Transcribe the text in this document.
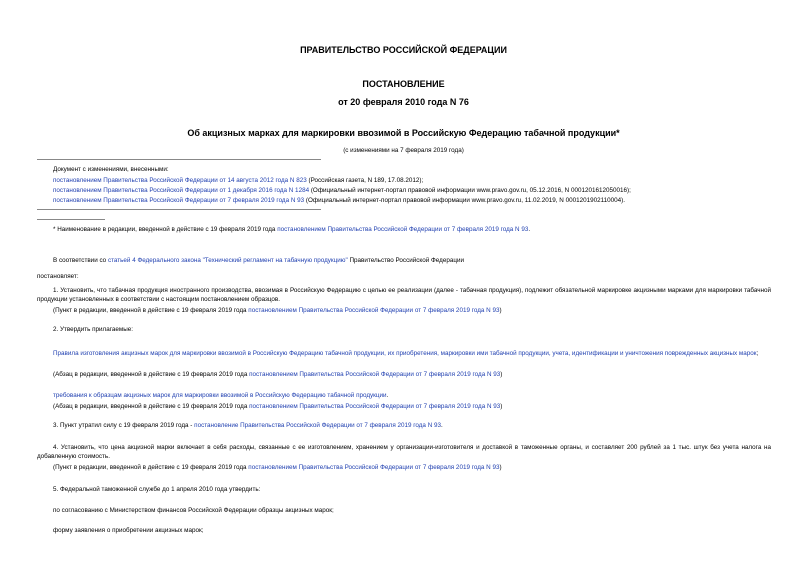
ПРАВИТЕЛЬСТВО РОССИЙСКОЙ ФЕДЕРАЦИИ
ПОСТАНОВЛЕНИЕ
от 20 февраля 2010 года N 76
Об акцизных марках для маркировки ввозимой в Российскую Федерацию табачной продукции*
(с изменениями на 7 февраля 2019 года)
Документ с изменениями, внесенными:
постановлением Правительства Российской Федерации от 14 августа 2012 года N 823 (Российская газета, N 189, 17.08.2012);
постановлением Правительства Российской Федерации от 1 декабря 2016 года N 1284 (Официальный интернет-портал правовой информации www.pravo.gov.ru, 05.12.2016, N 0001201612050016);
постановлением Правительства Российской Федерации от 7 февраля 2019 года N 93 (Официальный интернет-портал правовой информации www.pravo.gov.ru, 11.02.2019, N 0001201902110004).
* Наименование в редакции, введенной в действие с 19 февраля 2019 года постановлением Правительства Российской Федерации от 7 февраля 2019 года N 93.
В соответствии со статьей 4 Федерального закона "Технический регламент на табачную продукцию" Правительство Российской Федерации
постановляет:
1. Установить, что табачная продукция иностранного производства, ввозимая в Российскую Федерацию с целью ее реализации (далее - табачная продукция), подлежит обязательной маркировке акцизными марками для маркировки табачной продукции установленных в соответствии с настоящим постановлением образцов.
(Пункт в редакции, введенной в действие с 19 февраля 2019 года постановлением Правительства Российской Федерации от 7 февраля 2019 года N 93)
2. Утвердить прилагаемые:
Правила изготовления акцизных марок для маркировки ввозимой в Российскую Федерацию табачной продукции, их приобретения, маркировки ими табачной продукции, учета, идентификации и уничтожения поврежденных акцизных марок;
(Абзац в редакции, введенной в действие с 19 февраля 2019 года постановлением Правительства Российской Федерации от 7 февраля 2019 года N 93)
требования к образцам акцизных марок для маркировки ввозимой в Российскую Федерацию табачной продукции.
(Абзац в редакции, введенной в действие с 19 февраля 2019 года постановлением Правительства Российской Федерации от 7 февраля 2019 года N 93)
3. Пункт утратил силу с 19 февраля 2019 года - постановление Правительства Российской Федерации от 7 февраля 2019 года N 93.
4. Установить, что цена акцизной марки включает в себя расходы, связанные с ее изготовлением, хранением у организации-изготовителя и доставкой в таможенные органы, и составляет 200 рублей за 1 тыс. штук без учета налога на добавленную стоимость.
(Пункт в редакции, введенной в действие с 19 февраля 2019 года постановлением Правительства Российской Федерации от 7 февраля 2019 года N 93)
5. Федеральной таможенной службе до 1 апреля 2010 года утвердить:
по согласованию с Министерством финансов Российской Федерации образцы акцизных марок;
форму заявления о приобретении акцизных марок;
